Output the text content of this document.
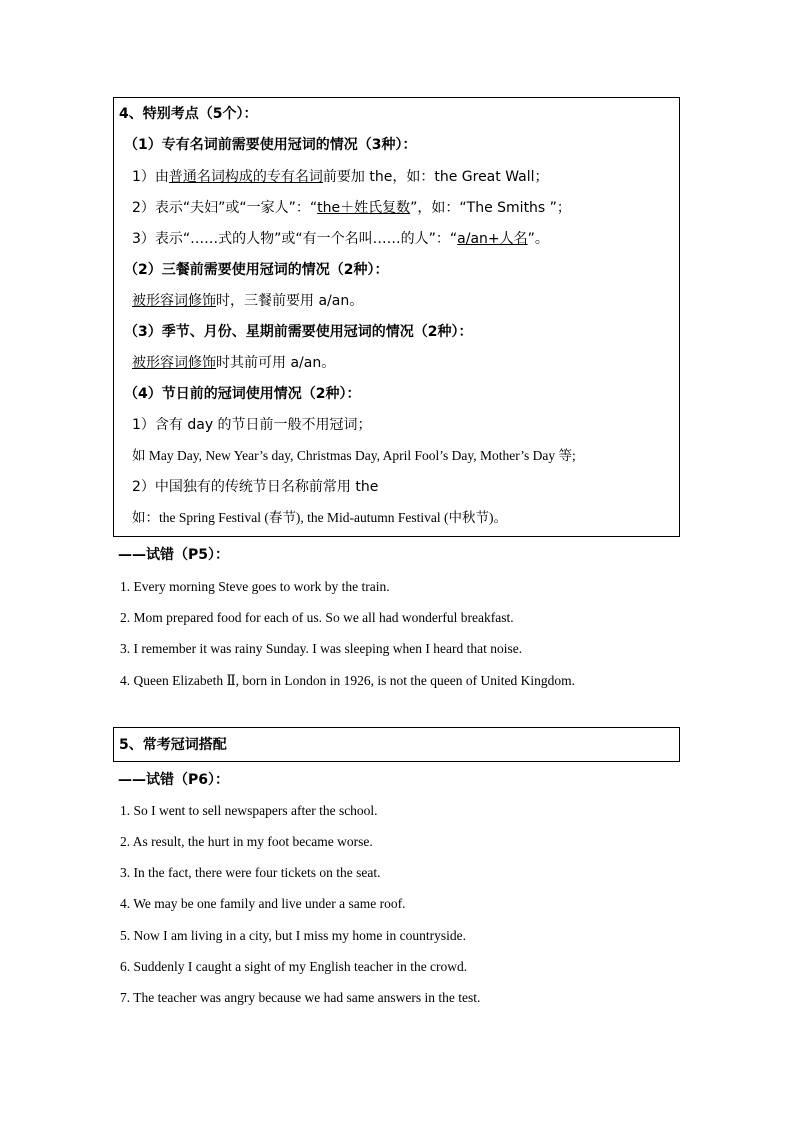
4、特别考点（5个）：
（1）专有名词前需要使用冠词的情况（3种）：
1）由普通名词构成的专有名词前要加 the，如：the Great Wall；
2）表示“夫妇”或“一家人”：“the＋姓氏复数”，如：“The Smiths ”；
3）表示“……式的人物”或“有一个名叫……的人”：“a/an+人名”。
（2）三餐前需要使用冠词的情况（2种）：
被形容词修饰时，三餐前要用 a/an。
（3）季节、月份、星期前需要使用冠词的情况（2种）：
被形容词修饰时其前可用 a/an。
（4）节日前的冠词使用情况（2种）：
1）含有 day 的节日前一般不用冠词；
如 May Day, New Year’s day, Christmas Day, April Fool’s Day, Mother’s Day 等;
2）中国独有的传统节日名称前常用 the
如：the Spring Festival (春节), the Mid-autumn Festival (中秋节)。
——试错（P5）：
1. Every morning Steve goes to work by the train.
2. Mom prepared food for each of us. So we all had wonderful breakfast.
3. I remember it was rainy Sunday. I was sleeping when I heard that noise.
4. Queen Elizabeth Ⅱ, born in London in 1926, is not the queen of United Kingdom.
5、常考冠词搭配
——试错（P6）：
1. So I went to sell newspapers after the school.
2. As result, the hurt in my foot became worse.
3. In the fact, there were four tickets on the seat.
4. We may be one family and live under a same roof.
5. Now I am living in a city, but I miss my home in countryside.
6. Suddenly I caught a sight of my English teacher in the crowd.
7. The teacher was angry because we had same answers in the test.
